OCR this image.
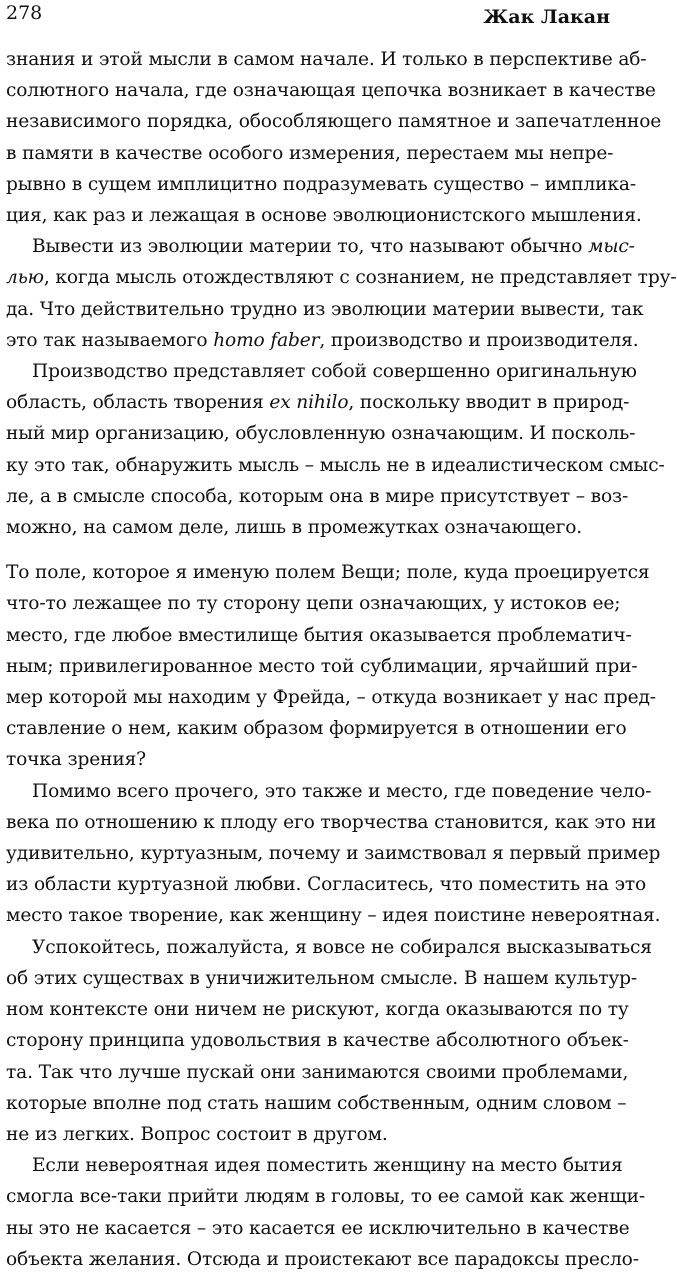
278	Жак Лакан
знания и этой мысли в самом начале. И только в перспективе аб-
солютного начала, где означающая цепочка возникает в качестве
независимого порядка, обособляющего памятное и запечатленное
в памяти в качестве особого измерения, перестаем мы непре-
рывно в сущем имплицитно подразумевать существо – имплика-
ция, как раз и лежащая в основе эволюционистского мышления.
Вывести из эволюции материи то, что называют обычно мыс-
лью, когда мысль отождествляют с сознанием, не представляет тру-
да. Что действительно трудно из эволюции материи вывести, так
это так называемого homo faber, производство и производителя.
Производство представляет собой совершенно оригинальную
область, область творения ex nihilo, поскольку вводит в природ-
ный мир организацию, обусловленную означающим. И посколь-
ку это так, обнаружить мысль – мысль не в идеалистическом смыс-
ле, а в смысле способа, которым она в мире присутствует – воз-
можно, на самом деле, лишь в промежутках означающего.
То поле, которое я именую полем Вещи; поле, куда проецируется
что-то лежащее по ту сторону цепи означающих, у истоков ее;
место, где любое вместилище бытия оказывается проблематич-
ным; привилегированное место той сублимации, ярчайший при-
мер которой мы находим у Фрейда, – откуда возникает у нас пред-
ставление о нем, каким образом формируется в отношении его
точка зрения?
Помимо всего прочего, это также и место, где поведение чело-
века по отношению к плоду его творчества становится, как это ни
удивительно, куртуазным, почему и заимствовал я первый пример
из области куртуазной любви. Согласитесь, что поместить на это
место такое творение, как женщину – идея поистине невероятная.
Успокойтесь, пожалуйста, я вовсе не собирался высказываться
об этих существах в уничижительном смысле. В нашем культур-
ном контексте они ничем не рискуют, когда оказываются по ту
сторону принципа удовольствия в качестве абсолютного объек-
та. Так что лучше пускай они занимаются своими проблемами,
которые вполне под стать нашим собственным, одним словом –
не из легких. Вопрос состоит в другом.
Если невероятная идея поместить женщину на место бытия
смогла все-таки прийти людям в головы, то ее самой как женщи-
ны это не касается – это касается ее исключительно в качестве
объекта желания. Отсюда и проистекают все парадоксы пресло-
